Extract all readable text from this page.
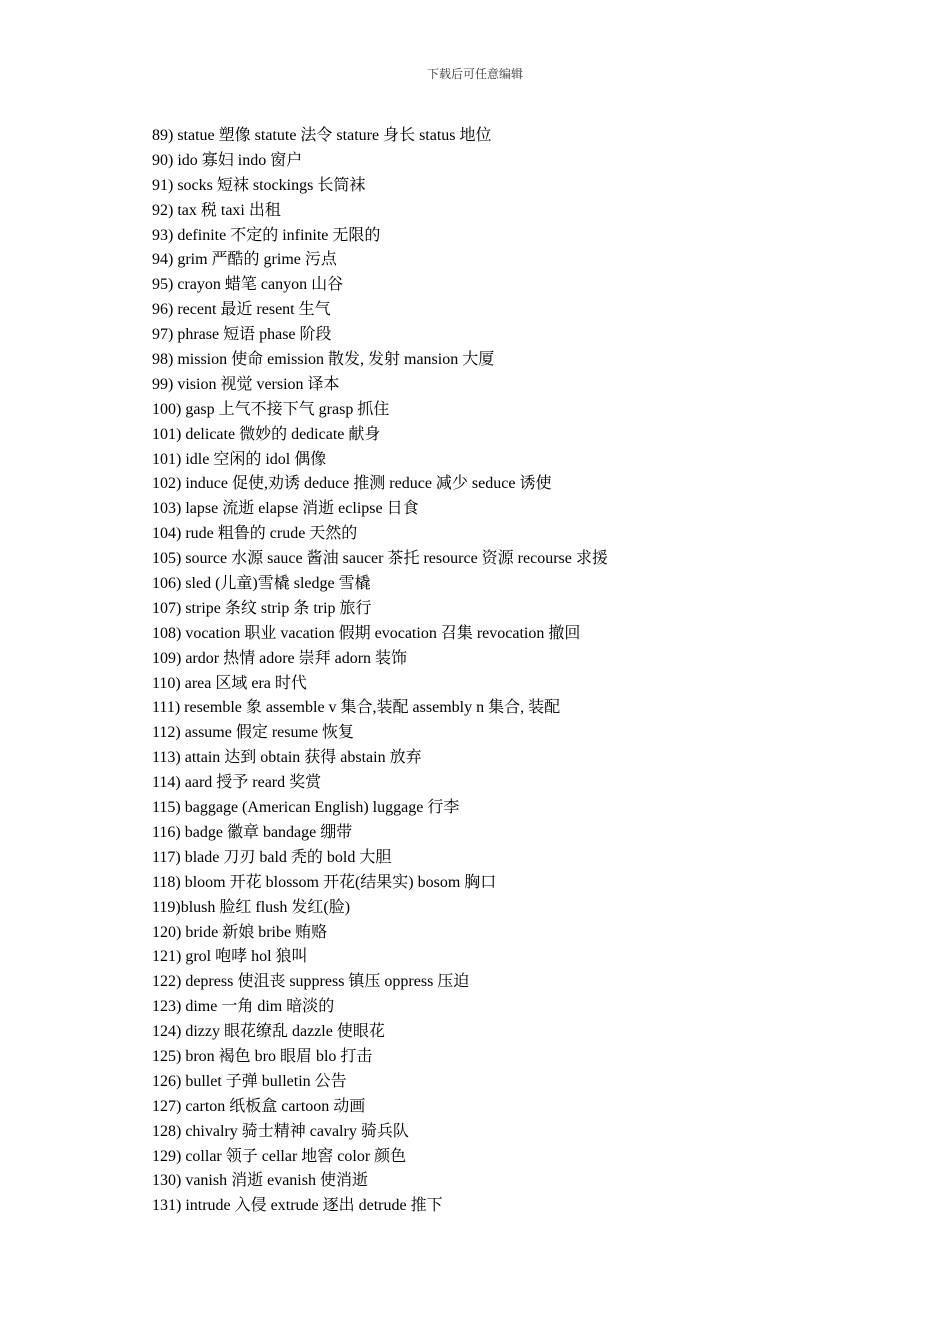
下载后可任意编辑
89) statue 塑像 statute 法令 stature 身长 status 地位
90) ido 寡妇 indo 窗户
91) socks 短袜 stockings 长筒袜
92) tax 税 taxi 出租
93) definite 不定的 infinite 无限的
94) grim 严酷的 grime 污点
95) crayon 蜡笔 canyon 山谷
96) recent 最近 resent 生气
97) phrase 短语 phase 阶段
98) mission 使命 emission 散发, 发射 mansion 大厦
99) vision 视觉 version 译本
100) gasp 上气不接下气 grasp 抓住
101) delicate 微妙的 dedicate 献身
101) idle 空闲的 idol 偶像
102) induce 促使,劝诱 deduce 推测 reduce 减少 seduce 诱使
103) lapse 流逝 elapse 消逝 eclipse 日食
104) rude 粗鲁的 crude 天然的
105) source 水源 sauce 酱油 saucer 茶托 resource 资源 recourse 求援
106) sled (儿童)雪橇 sledge 雪橇
107) stripe 条纹 strip 条 trip 旅行
108) vocation 职业 vacation 假期 evocation 召集 revocation 撤回
109) ardor 热情 adore 崇拜 adorn 装饰
110) area 区域 era 时代
111) resemble 象 assemble v 集合,装配 assembly n 集合, 装配
112) assume 假定 resume 恢复
113) attain 达到 obtain 获得 abstain 放弃
114) aard 授予 reard 奖赏
115) baggage (American English) luggage 行李
116) badge 徽章 bandage 绷带
117) blade 刀刃 bald 秃的 bold 大胆
118) bloom 开花 blossom 开花(结果实) bosom 胸口
119)blush 脸红 flush 发红(脸)
120) bride 新娘 bribe 贿赂
121) grol 咆哮 hol 狼叫
122) depress 使沮丧 suppress 镇压 oppress 压迫
123) dime 一角 dim 暗淡的
124) dizzy 眼花缭乱 dazzle 使眼花
125) bron 褐色 bro 眼眉 blo 打击
126) bullet 子弹 bulletin 公告
127) carton 纸板盒 cartoon 动画
128) chivalry 骑士精神 cavalry 骑兵队
129) collar 领子 cellar 地窖 color 颜色
130) vanish 消逝 evanish 使消逝
131) intrude 入侵 extrude 逐出 detrude 推下
